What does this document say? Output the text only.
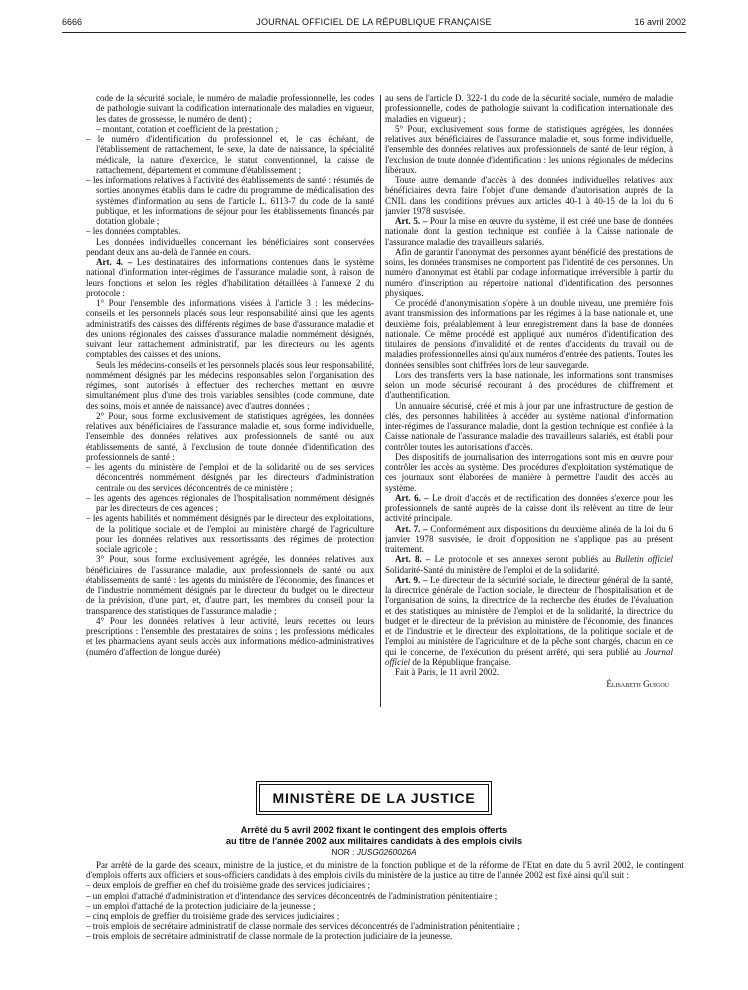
6666	JOURNAL OFFICIEL DE LA RÉPUBLIQUE FRANÇAISE	16 avril 2002

code de la sécurité sociale, le numéro de maladie professionnelle, les codes de pathologie suivant la codification internationale des maladies en vigueur, les dates de grossesse, le numéro de dent) ;

– montant, cotation et coefficient de la prestation ;

– le numéro d'identification du professionnel et, le cas échéant, de l'établissement de rattachement, le sexe, la date de naissance, la spécialité médicale, la nature d'exercice, le statut conventionnel, la caisse de rattachement, département et commune d'établissement ;
– les informations relatives à l'activité des établissements de santé : résumés de sorties anonymes établis dans le cadre du programme de médicalisation des systèmes d'information au sens de l'article L. 6113-7 du code de la santé publique, et les informations de séjour pour les établissements financés par dotation globale ;
– les données comptables.

Les données individuelles concernant les bénéficiaires sont conservées pendant deux ans au-delà de l'année en cours.

Art. 4. – Les destinataires des informations contenues dans le système national d'information inter-régimes de l'assurance maladie sont, à raison de leurs fonctions et selon les règles d'habilitation détaillées à l'annexe 2 du protocole :

1° Pour l'ensemble des informations visées à l'article 3 : les médecins-conseils et les personnels placés sous leur responsabilité ainsi que les agents administratifs des caisses des différents régimes de base d'assurance maladie et des unions régionales des caisses d'assurance maladie nommément désignés, suivant leur rattachement administratif, par les directeurs ou les agents comptables des caisses et des unions.

Seuls les médecins-conseils et les personnels placés sous leur responsabilité, nommément désignés par les médecins responsables selon l'organisation des régimes, sont autorisés à effectuer des recherches mettant en œuvre simultanément plus d'une des trois variables sensibles (code commune, date des soins, mois et année de naissance) avec d'autres données ;

2° Pour, sous forme exclusivement de statistiques agrégées, les données relatives aux bénéficiaires de l'assurance maladie et, sous forme individuelle, l'ensemble des données relatives aux professionnels de santé ou aux établissements de santé, à l'exclusion de toute donnée d'identification des professionnels de santé :

– les agents du ministère de l'emploi et de la solidarité ou de ses services déconcentrés nommément désignés par les directeurs d'administration centrale ou des services déconcentrés de ce ministère ;
– les agents des agences régionales de l'hospitalisation nommément désignés par les directeurs de ces agences ;
– les agents habilités et nommément désignés par le directeur des exploitations, de la politique sociale et de l'emploi au ministère chargé de l'agriculture pour les données relatives aux ressortissants des régimes de protection sociale agricole ;

3° Pour, sous forme exclusivement agrégée, les données relatives aux bénéficiaires de l'assurance maladie, aux professionnels de santé ou aux établissements de santé : les agents du ministère de l'économie, des finances et de l'industrie nommément désignés par le directeur du budget ou le directeur de la prévision, d'une part, et, d'autre part, les membres du conseil pour la transparence des statistiques de l'assurance maladie ;

4° Pour les données relatives à leur activité, leurs recettes ou leurs prescriptions : l'ensemble des prestataires de soins ; les professions médicales et les pharmaciens ayant seuls accès aux informations médico-administratives (numéro d'affection de longue durée)

au sens de l'article D. 322-1 du code de la sécurité sociale, numéro de maladie professionnelle, codes de pathologie suivant la codification internationale des maladies en vigueur) ;

5° Pour, exclusivement sous forme de statistiques agrégées, les données relatives aux bénéficiaires de l'assurance maladie et, sous forme individuelle, l'ensemble des données relatives aux professionnels de santé de leur région, à l'exclusion de toute donnée d'identification : les unions régionales de médecins libéraux.

Toute autre demande d'accès à des données individuelles relatives aux bénéficiaires devra faire l'objet d'une demande d'autorisation auprès de la CNIL dans les conditions prévues aux articles 40-1 à 40-15 de la loi du 6 janvier 1978 susvisée.

Art. 5. – Pour la mise en œuvre du système, il est créé une base de données nationale dont la gestion technique est confiée à la Caisse nationale de l'assurance maladie des travailleurs salariés.

Afin de garantir l'anonymat des personnes ayant bénéficié des prestations de soins, les données transmises ne comportent pas l'identité de ces personnes. Un numéro d'anonymat est établi par codage informatique irréversible à partir du numéro d'inscription au répertoire national d'identification des personnes physiques.

Ce procédé d'anonymisation s'opère à un double niveau, une première fois avant transmission des informations par les régimes à la base nationale et, une deuxième fois, préalablement à leur enregistrement dans la base de données nationale. Ce même procédé est appliqué aux numéros d'identification des titulaires de pensions d'invalidité et de rentes d'accidents du travail ou de maladies professionnelles ainsi qu'aux numéros d'entrée des patients. Toutes les données sensibles sont chiffrées lors de leur sauvegarde.

Lors des transferts vers la base nationale, les informations sont transmises selon un mode sécurisé recourant à des procédures de chiffrement et d'authentification.

Un annuaire sécurisé, créé et mis à jour par une infrastructure de gestion de clés, des personnes habilitées à accéder au système national d'information inter-régimes de l'assurance maladie, dont la gestion technique est confiée à la Caisse nationale de l'assurance maladie des travailleurs salariés, est établi pour contrôler toutes les autorisations d'accès.

Des dispositifs de journalisation des interrogations sont mis en œuvre pour contrôler les accès au système. Des procédures d'exploitation systématique de ces journaux sont élaborées de manière à permettre l'audit des accès au système.

Art. 6. – Le droit d'accès et de rectification des données s'exerce pour les professionnels de santé auprès de la caisse dont ils relèvent au titre de leur activité principale.

Art. 7. – Conformément aux dispositions du deuxième alinéa de la loi du 6 janvier 1978 susvisée, le droit d'opposition ne s'applique pas au présent traitement.

Art. 8. – Le protocole et ses annexes seront publiés au Bulletin officiel Solidarité-Santé du ministère de l'emploi et de la solidarité.

Art. 9. – Le directeur de la sécurité sociale, le directeur général de la santé, la directrice générale de l'action sociale, le directeur de l'hospitalisation et de l'organisation de soins, la directrice de la recherche des études de l'évaluation et des statistiques au ministère de l'emploi et de la solidarité, la directrice du budget et le directeur de la prévision au ministère de l'économie, des finances et de l'industrie et le directeur des exploitations, de la politique sociale et de l'emploi au ministère de l'agriculture et de la pêche sont chargés, chacun en ce qui le concerne, de l'exécution du présent arrêté, qui sera publié au Journal officiel de la République française.

Fait à Paris, le 11 avril 2002.

Élisabeth Guigou

MINISTÈRE DE LA JUSTICE
Arrêté du 5 avril 2002 fixant le contingent des emplois offerts
au titre de l'année 2002 aux militaires candidats à des emplois civils
NOR : JUSG0260026A

Par arrêté de la garde des sceaux, ministre de la justice, et du ministre de la fonction publique et de la réforme de l'Etat en date du 5 avril 2002, le contingent d'emplois offerts aux officiers et sous-officiers candidats à des emplois civils du ministère de la justice au titre de l'année 2002 est fixé ainsi qu'il suit :

– deux emplois de greffier en chef du troisième grade des services judiciaires ;
– un emploi d'attaché d'administration et d'intendance des services déconcentrés de l'administration pénitentiaire ;
– un emploi d'attaché de la protection judiciaire de la jeunesse ;
– cinq emplois de greffier du troisième grade des services judiciaires ;
– trois emplois de secrétaire administratif de classe normale des services déconcentrés de l'administration pénitentiaire ;
– trois emplois de secrétaire administratif de classe normale de la protection judiciaire de la jeunesse.
